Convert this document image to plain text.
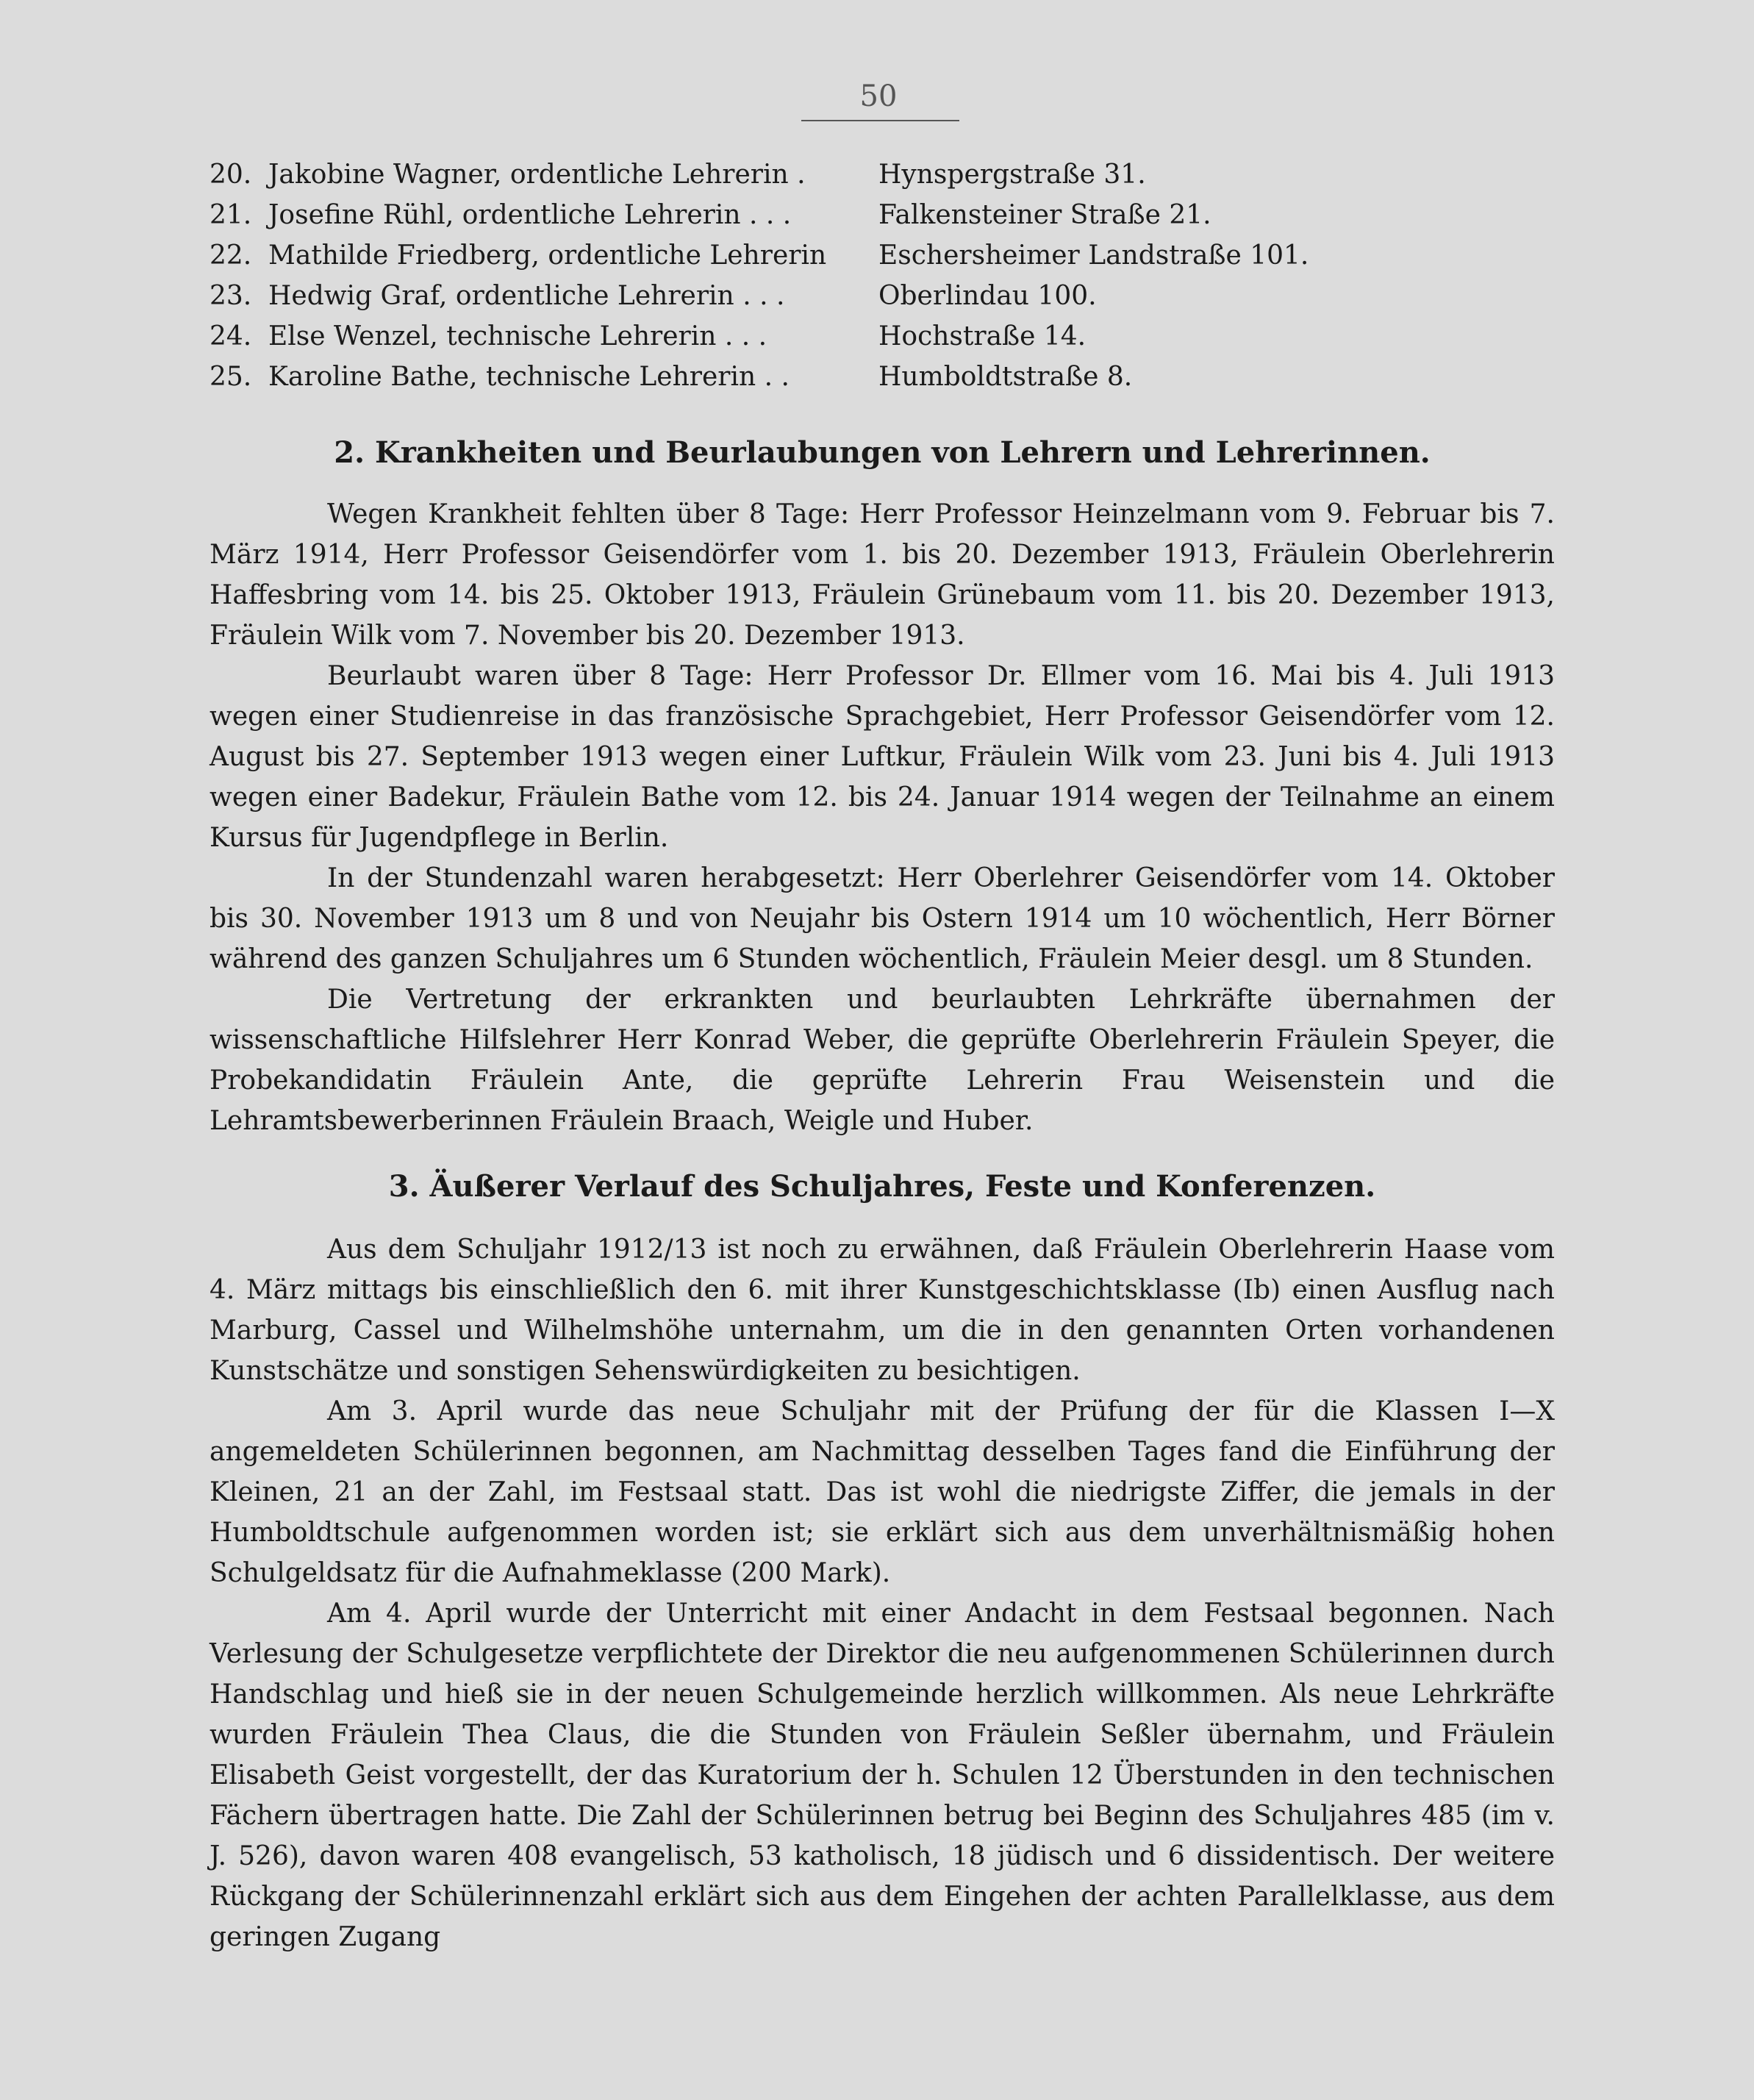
50
20. Jakobine Wagner, ordentliche Lehrerin .	Hynspergstraße 31.
21. Josefine Rühl, ordentliche Lehrerin . . .	Falkensteiner Straße 21.
22. Mathilde Friedberg, ordentliche Lehrerin	Eschersheimer Landstraße 101.
23. Hedwig Graf, ordentliche Lehrerin . . .	Oberlindau 100.
24. Else Wenzel, technische Lehrerin . . .	Hochstraße 14.
25. Karoline Bathe, technische Lehrerin . .	Humboldtstraße 8.
2. Krankheiten und Beurlaubungen von Lehrern und Lehrerinnen.

Wegen Krankheit fehlten über 8 Tage: Herr Professor Heinzelmann vom 9. Februar bis 7. März 1914, Herr Professor Geisendörfer vom 1. bis 20. Dezember 1913, Fräulein Oberlehrerin Haffesbring vom 14. bis 25. Oktober 1913, Fräulein Grünebaum vom 11. bis 20. Dezember 1913, Fräulein Wilk vom 7. November bis 20. Dezember 1913.

Beurlaubt waren über 8 Tage: Herr Professor Dr. Ellmer vom 16. Mai bis 4. Juli 1913 wegen einer Studienreise in das französische Sprachgebiet, Herr Professor Geisendörfer vom 12. August bis 27. September 1913 wegen einer Luftkur, Fräulein Wilk vom 23. Juni bis 4. Juli 1913 wegen einer Badekur, Fräulein Bathe vom 12. bis 24. Januar 1914 wegen der Teilnahme an einem Kursus für Jugendpflege in Berlin.

In der Stundenzahl waren herabgesetzt: Herr Oberlehrer Geisendörfer vom 14. Oktober bis 30. November 1913 um 8 und von Neujahr bis Ostern 1914 um 10 wöchentlich, Herr Börner während des ganzen Schuljahres um 6 Stunden wöchentlich, Fräulein Meier desgl. um 8 Stunden.

Die Vertretung der erkrankten und beurlaubten Lehrkräfte übernahmen der wissenschaftliche Hilfslehrer Herr Konrad Weber, die geprüfte Oberlehrerin Fräulein Speyer, die Probekandidatin Fräulein Ante, die geprüfte Lehrerin Frau Weisenstein und die Lehramtsbewerberinnen Fräulein Braach, Weigle und Huber.

3. Äußerer Verlauf des Schuljahres, Feste und Konferenzen.

Aus dem Schuljahr 1912/13 ist noch zu erwähnen, daß Fräulein Oberlehrerin Haase vom 4. März mittags bis einschließlich den 6. mit ihrer Kunstgeschichtsklasse (Ib) einen Ausflug nach Marburg, Cassel und Wilhelmshöhe unternahm, um die in den genannten Orten vorhandenen Kunstschätze und sonstigen Sehenswürdigkeiten zu besichtigen.

Am 3. April wurde das neue Schuljahr mit der Prüfung der für die Klassen I—X angemeldeten Schülerinnen begonnen, am Nachmittag desselben Tages fand die Einführung der Kleinen, 21 an der Zahl, im Festsaal statt. Das ist wohl die niedrigste Ziffer, die jemals in der Humboldtschule aufgenommen worden ist; sie erklärt sich aus dem unverhältnismäßig hohen Schulgeldsatz für die Aufnahmeklasse (200 Mark).

Am 4. April wurde der Unterricht mit einer Andacht in dem Festsaal begonnen. Nach Verlesung der Schulgesetze verpflichtete der Direktor die neu aufgenommenen Schülerinnen durch Handschlag und hieß sie in der neuen Schulgemeinde herzlich willkommen. Als neue Lehrkräfte wurden Fräulein Thea Claus, die die Stunden von Fräulein Seßler übernahm, und Fräulein Elisabeth Geist vorgestellt, der das Kuratorium der h. Schulen 12 Überstunden in den technischen Fächern übertragen hatte. Die Zahl der Schülerinnen betrug bei Beginn des Schuljahres 485 (im v. J. 526), davon waren 408 evangelisch, 53 katholisch, 18 jüdisch und 6 dissidentisch. Der weitere Rückgang der Schülerinnenzahl erklärt sich aus dem Eingehen der achten Parallelklasse, aus dem geringen Zugang
